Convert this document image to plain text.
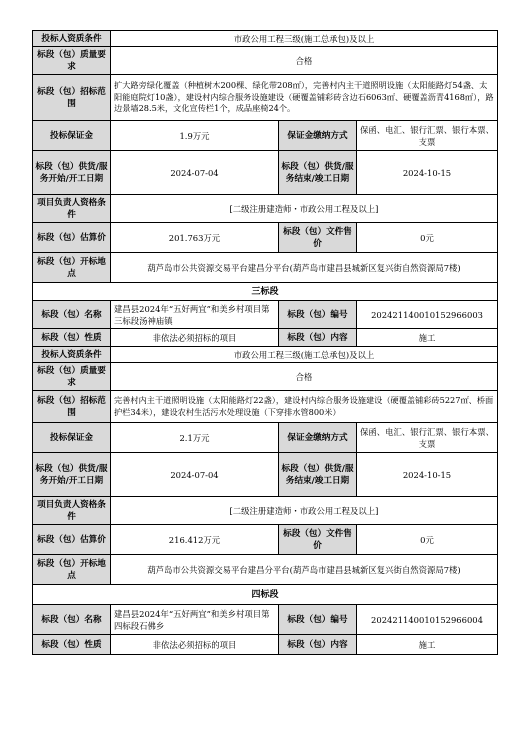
投标人资质条件	市政公用工程三级(施工总承包)及以上		
标段（包）质量要求	合格		
标段（包）招标范围	扩大路旁绿化覆盖（种植树木200棵、绿化带208㎡），完善村内主干道照明设施（太阳能路灯54盏、太阳能庭院灯10盏），建设村内综合服务设施建设（硬覆盖铺彩砖含边石6063㎡、硬覆盖沥青4168㎡），路边景墙28.5米，文化宣传栏1个，成品座椅24个。		
投标保证金	1.9万元	保证金缴纳方式	保函、电汇、银行汇票、银行本票、支票
标段（包）供货/服务开始/开工日期	2024-07-04	标段（包）供货/服务结束/竣工日期	2024-10-15
项目负责人资格条件	[二级注册建造师・市政公用工程及以上]		
标段（包）估算价	201.763万元	标段（包）文件售价	0元
标段（包）开标地点	葫芦岛市公共资源交易平台建昌分平台(葫芦岛市建昌县城新区复兴街自然资源局7楼)		
三标段			
标段（包）名称	建昌县2024年“五好两宜”和美乡村项目第三标段汤神庙镇	标段（包）编号	20242114001015296600З
标段（包）性质	非依法必须招标的项目	标段（包）内容	施工
投标人资质条件	市政公用工程三级(施工总承包)及以上		
标段（包）质量要求	合格		
标段（包）招标范围	完善村内主干道照明设施（太阳能路灯22盏），建设村内综合服务设施建设（硬覆盖铺彩砖5227㎡、桥面护栏34米），建设农村生活污水处理设施（下穿排水管800米）		
投标保证金	2.1万元	保证金缴纳方式	保函、电汇、银行汇票、银行本票、支票
标段（包）供货/服务开始/开工日期	2024-07-04	标段（包）供货/服务结束/竣工日期	2024-10-15
项目负责人资格条件	[二级注册建造师・市政公用工程及以上]		
标段（包）估算价	216.412万元	标段（包）文件售价	0元
标段（包）开标地点	葫芦岛市公共资源交易平台建昌分平台(葫芦岛市建昌县城新区复兴街自然资源局7楼)		
四标段			
标段（包）名称	建昌县2024年“五好两宜”和美乡村项目第四标段石佛乡	标段（包）编号	202421140010152966004
标段（包）性质	非依法必须招标的项目	标段（包）内容	施工
